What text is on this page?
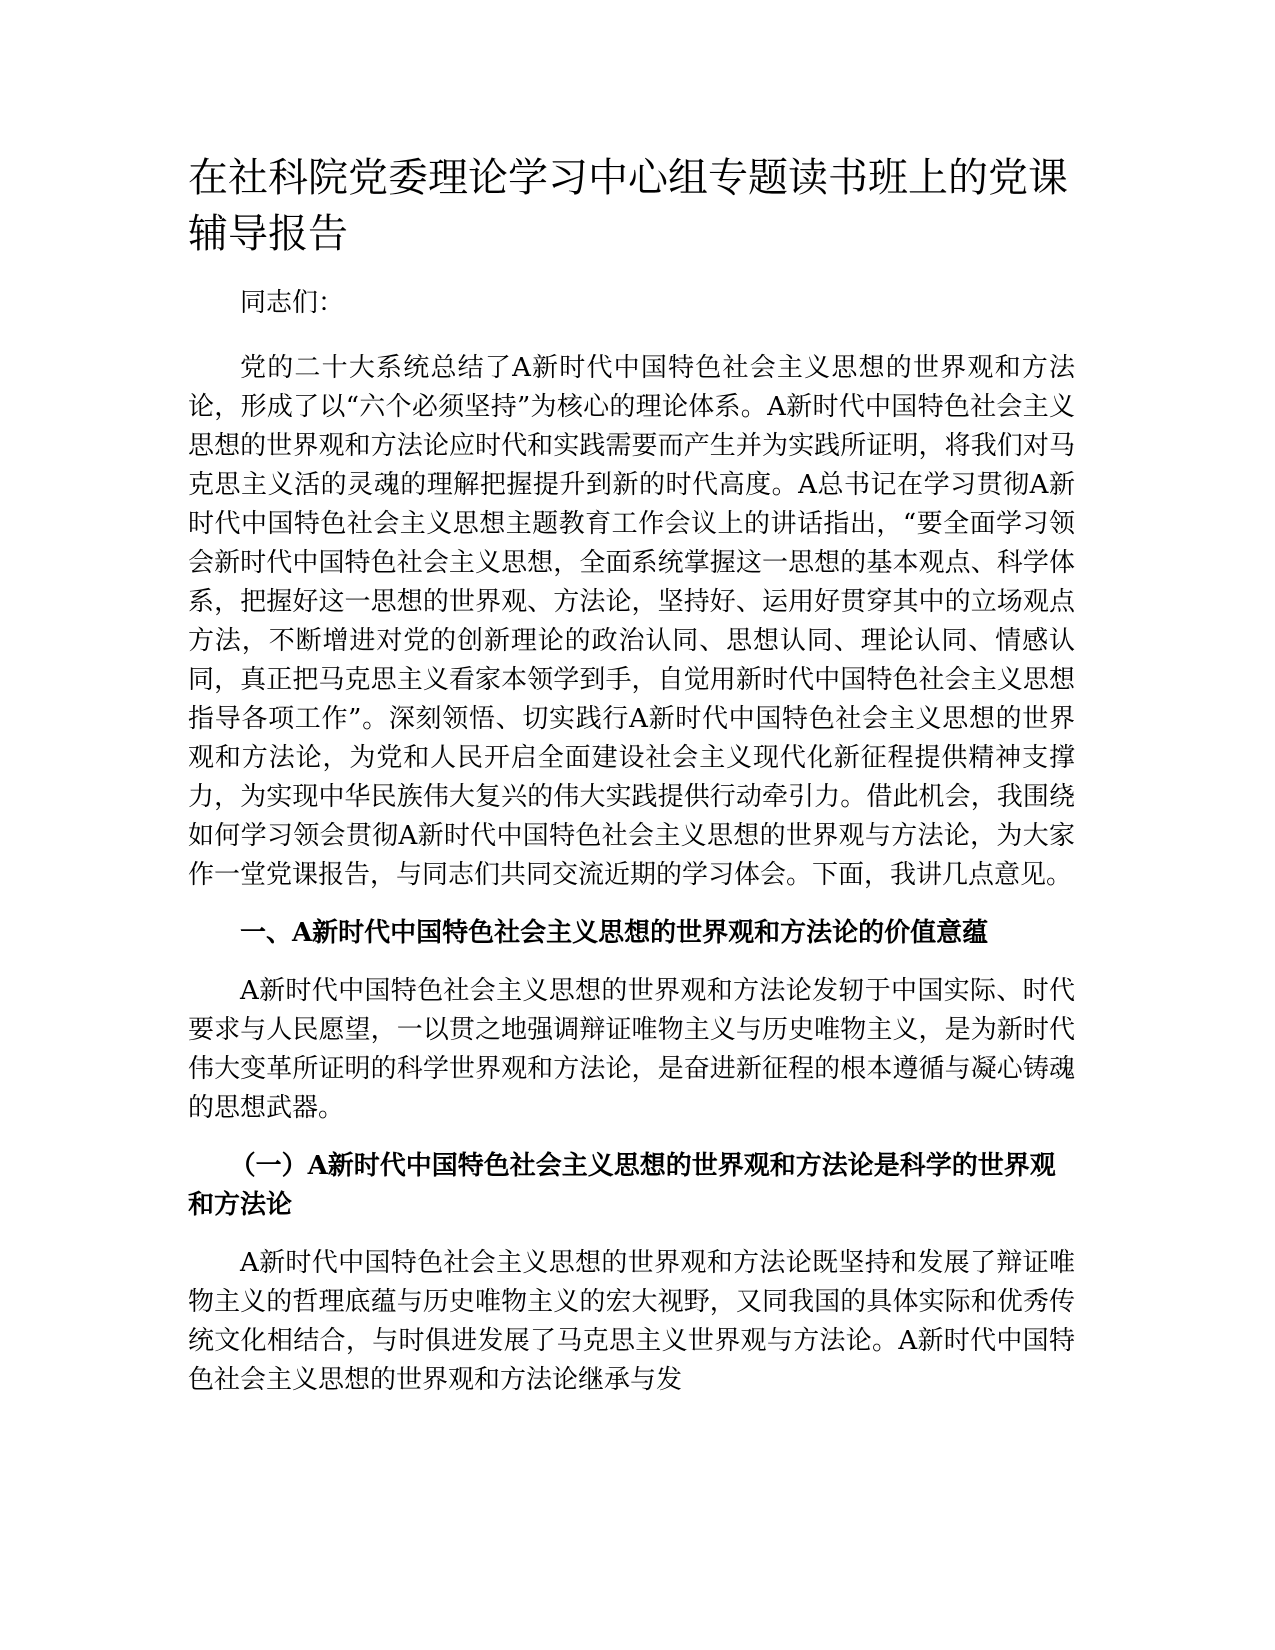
在社科院党委理论学习中心组专题读书班上的党课辅导报告

同志们：

党的二十大系统总结了A新时代中国特色社会主义思想的世界观和方法论，形成了以“六个必须坚持”为核心的理论体系。A新时代中国特色社会主义思想的世界观和方法论应时代和实践需要而产生并为实践所证明，将我们对马克思主义活的灵魂的理解把握提升到新的时代高度。A总书记在学习贯彻A新时代中国特色社会主义思想主题教育工作会议上的讲话指出，“要全面学习领会新时代中国特色社会主义思想，全面系统掌握这一思想的基本观点、科学体系，把握好这一思想的世界观、方法论，坚持好、运用好贯穿其中的立场观点方法，不断增进对党的创新理论的政治认同、思想认同、理论认同、情感认同，真正把马克思主义看家本领学到手，自觉用新时代中国特色社会主义思想指导各项工作”。深刻领悟、切实践行A新时代中国特色社会主义思想的世界观和方法论，为党和人民开启全面建设社会主义现代化新征程提供精神支撑力，为实现中华民族伟大复兴的伟大实践提供行动牵引力。借此机会，我围绕如何学习领会贯彻A新时代中国特色社会主义思想的世界观与方法论，为大家作一堂党课报告，与同志们共同交流近期的学习体会。下面，我讲几点意见。

一、A新时代中国特色社会主义思想的世界观和方法论的价值意蕴

A新时代中国特色社会主义思想的世界观和方法论发轫于中国实际、时代要求与人民愿望，一以贯之地强调辩证唯物主义与历史唯物主义，是为新时代伟大变革所证明的科学世界观和方法论，是奋进新征程的根本遵循与凝心铸魂的思想武器。

（一）A新时代中国特色社会主义思想的世界观和方法论是科学的世界观和方法论

A新时代中国特色社会主义思想的世界观和方法论既坚持和发展了辩证唯物主义的哲理底蕴与历史唯物主义的宏大视野，又同我国的具体实际和优秀传统文化相结合，与时俱进发展了马克思主义世界观与方法论。A新时代中国特色社会主义思想的世界观和方法论继承与发
